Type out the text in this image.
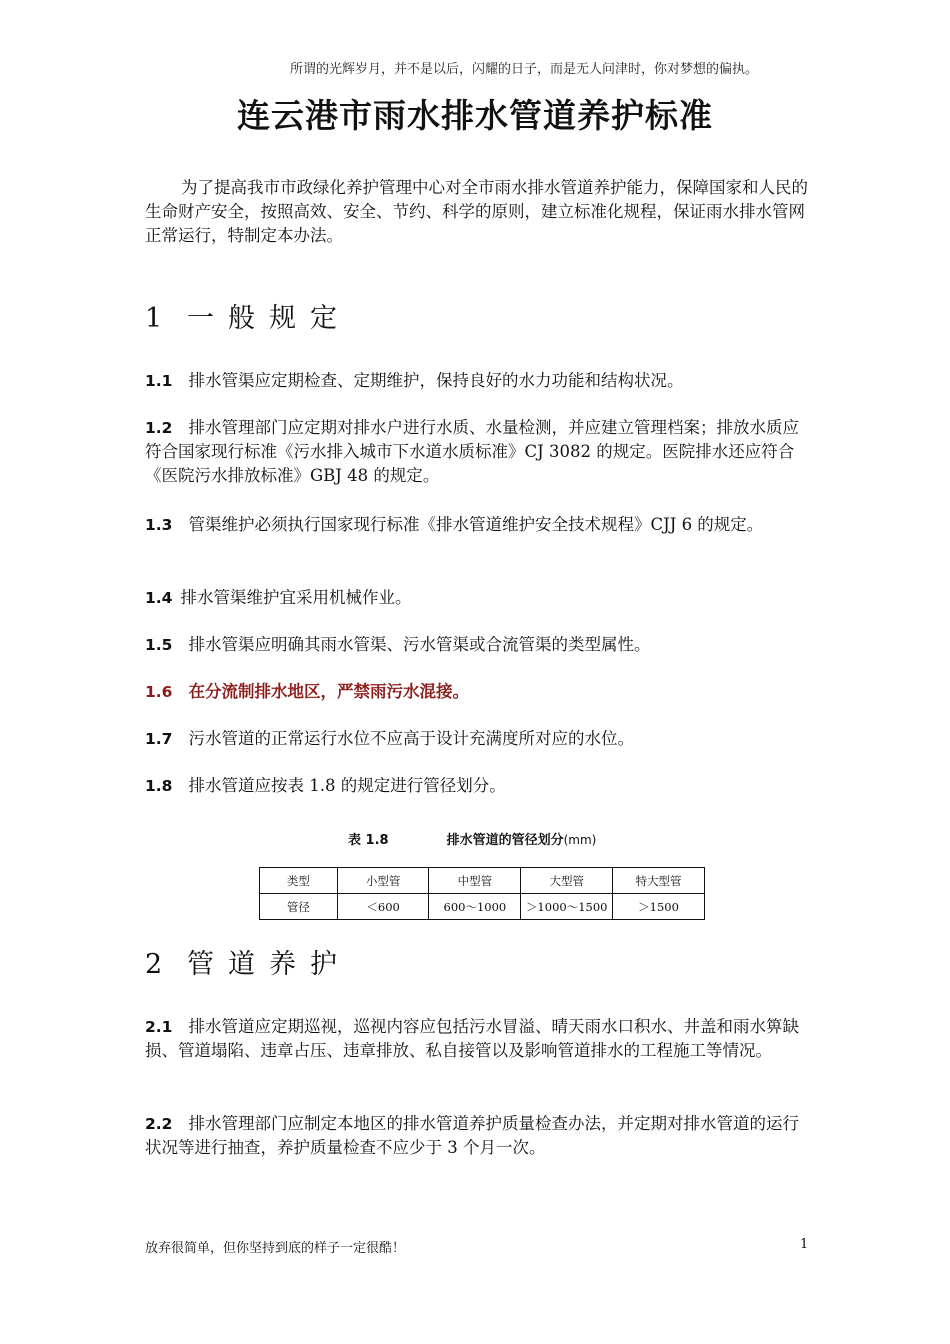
所谓的光辉岁月，并不是以后，闪耀的日子，而是无人问津时，你对梦想的偏执。
连云港市雨水排水管道养护标准

为了提高我市市政绿化养护管理中心对全市雨水排水管道养护能力，保障国家和人民的生命财产安全，按照高效、安全、节约、科学的原则，建立标准化规程，保证雨水排水管网正常运行，特制定本办法。

1 一般规定

1.1 排水管渠应定期检查、定期维护，保持良好的水力功能和结构状况。

1.2 排水管理部门应定期对排水户进行水质、水量检测，并应建立管理档案；排放水质应符合国家现行标准《污水排入城市下水道水质标准》CJ 3082 的规定。医院排水还应符合《医院污水排放标准》GBJ 48 的规定。

1.3 管渠维护必须执行国家现行标准《排水管道维护安全技术规程》CJJ 6 的规定。

1.4 排水管渠维护宜采用机械作业。

1.5 排水管渠应明确其雨水管渠、污水管渠或合流管渠的类型属性。

1.6 在分流制排水地区，严禁雨污水混接。

1.7 污水管道的正常运行水位不应高于设计充满度所对应的水位。

1.8 排水管道应按表 1.8 的规定进行管径划分。

表 1.8	排水管道的管径划分(mm)
类型	小型管	中型管	大型管	特大型管
管径	＜600	600～1000	＞1000～1500	＞1500
2 管道养护

2.1 排水管道应定期巡视，巡视内容应包括污水冒溢、晴天雨水口积水、井盖和雨水箅缺损、管道塌陷、违章占压、违章排放、私自接管以及影响管道排水的工程施工等情况。

2.2 排水管理部门应制定本地区的排水管道养护质量检查办法，并定期对排水管道的运行状况等进行抽查，养护质量检查不应少于 3 个月一次。

放弃很简单，但你坚持到底的样子一定很酷！	1
